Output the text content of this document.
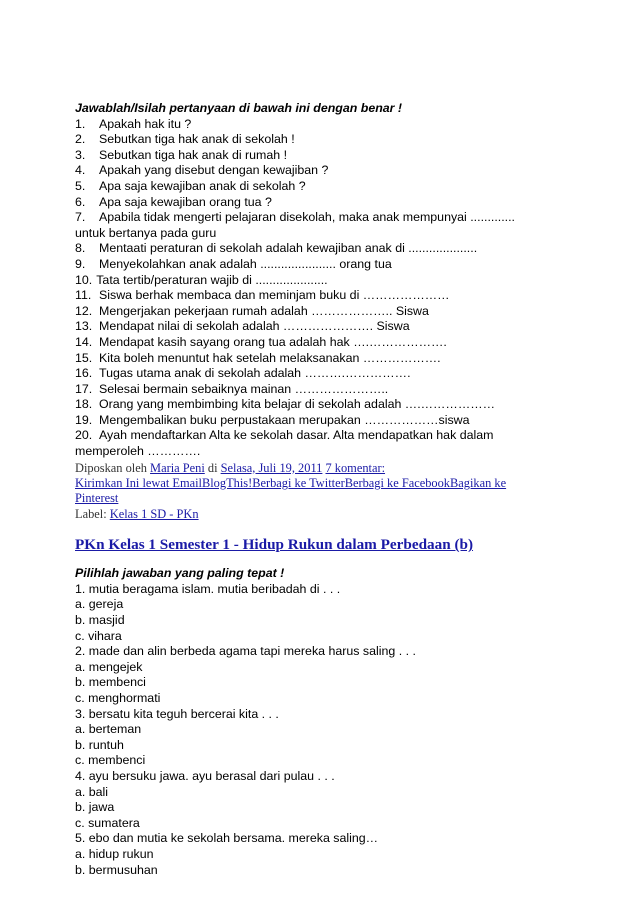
Jawablah/Isilah pertanyaan di bawah ini dengan benar !
1. Apakah hak itu ?
2. Sebutkan tiga hak anak di sekolah !
3. Sebutkan tiga hak anak di rumah !
4. Apakah yang disebut dengan kewajiban ?
5. Apa saja kewajiban anak di sekolah ?
6. Apa saja kewajiban orang tua ?
7. Apabila tidak mengerti pelajaran disekolah, maka anak mempunyai .............
untuk bertanya pada guru
8. Mentaati peraturan di sekolah adalah kewajiban anak di ....................
9. Menyekolahkan anak adalah ...................... orang tua
10. Tata tertib/peraturan wajib di .....................
11. Siswa berhak membaca dan meminjam buku di …………………
12. Mengerjakan pekerjaan rumah adalah ……………….. Siswa
13. Mendapat nilai di sekolah adalah …………………. Siswa
14. Mendapat kasih sayang orang tua adalah hak ….……………….
15. Kita boleh menuntut hak setelah melaksanakan ……………….
16. Tugas utama anak di sekolah adalah ……….…………….
17. Selesai bermain sebaiknya mainan …………………..
18. Orang yang membimbing kita belajar di sekolah adalah ….………………
19. Mengembalikan buku perpustakaan merupakan ………………siswa
20. Ayah mendaftarkan Alta ke sekolah dasar. Alta mendapatkan hak dalam
memperoleh ………….
Diposkan oleh Maria Peni di Selasa, Juli 19, 2011 7 komentar:
Kirimkan Ini lewat EmailBlogThis!Berbagi ke TwitterBerbagi ke FacebookBagikan ke
Pinterest
Label: Kelas 1 SD - PKn
PKn Kelas 1 Semester 1 - Hidup Rukun dalam Perbedaan (b)
Pilihlah jawaban yang paling tepat !
1. mutia beragama islam. mutia beribadah di . . .
a. gereja
b. masjid
c. vihara
2. made dan alin berbeda agama tapi mereka harus saling . . .
a. mengejek
b. membenci
c. menghormati
3. bersatu kita teguh bercerai kita . . .
a. berteman
b. runtuh
c. membenci
4. ayu bersuku jawa. ayu berasal dari pulau . . .
a. bali
b. jawa
c. sumatera
5. ebo dan mutia ke sekolah bersama. mereka saling…
a. hidup rukun
b. bermusuhan
